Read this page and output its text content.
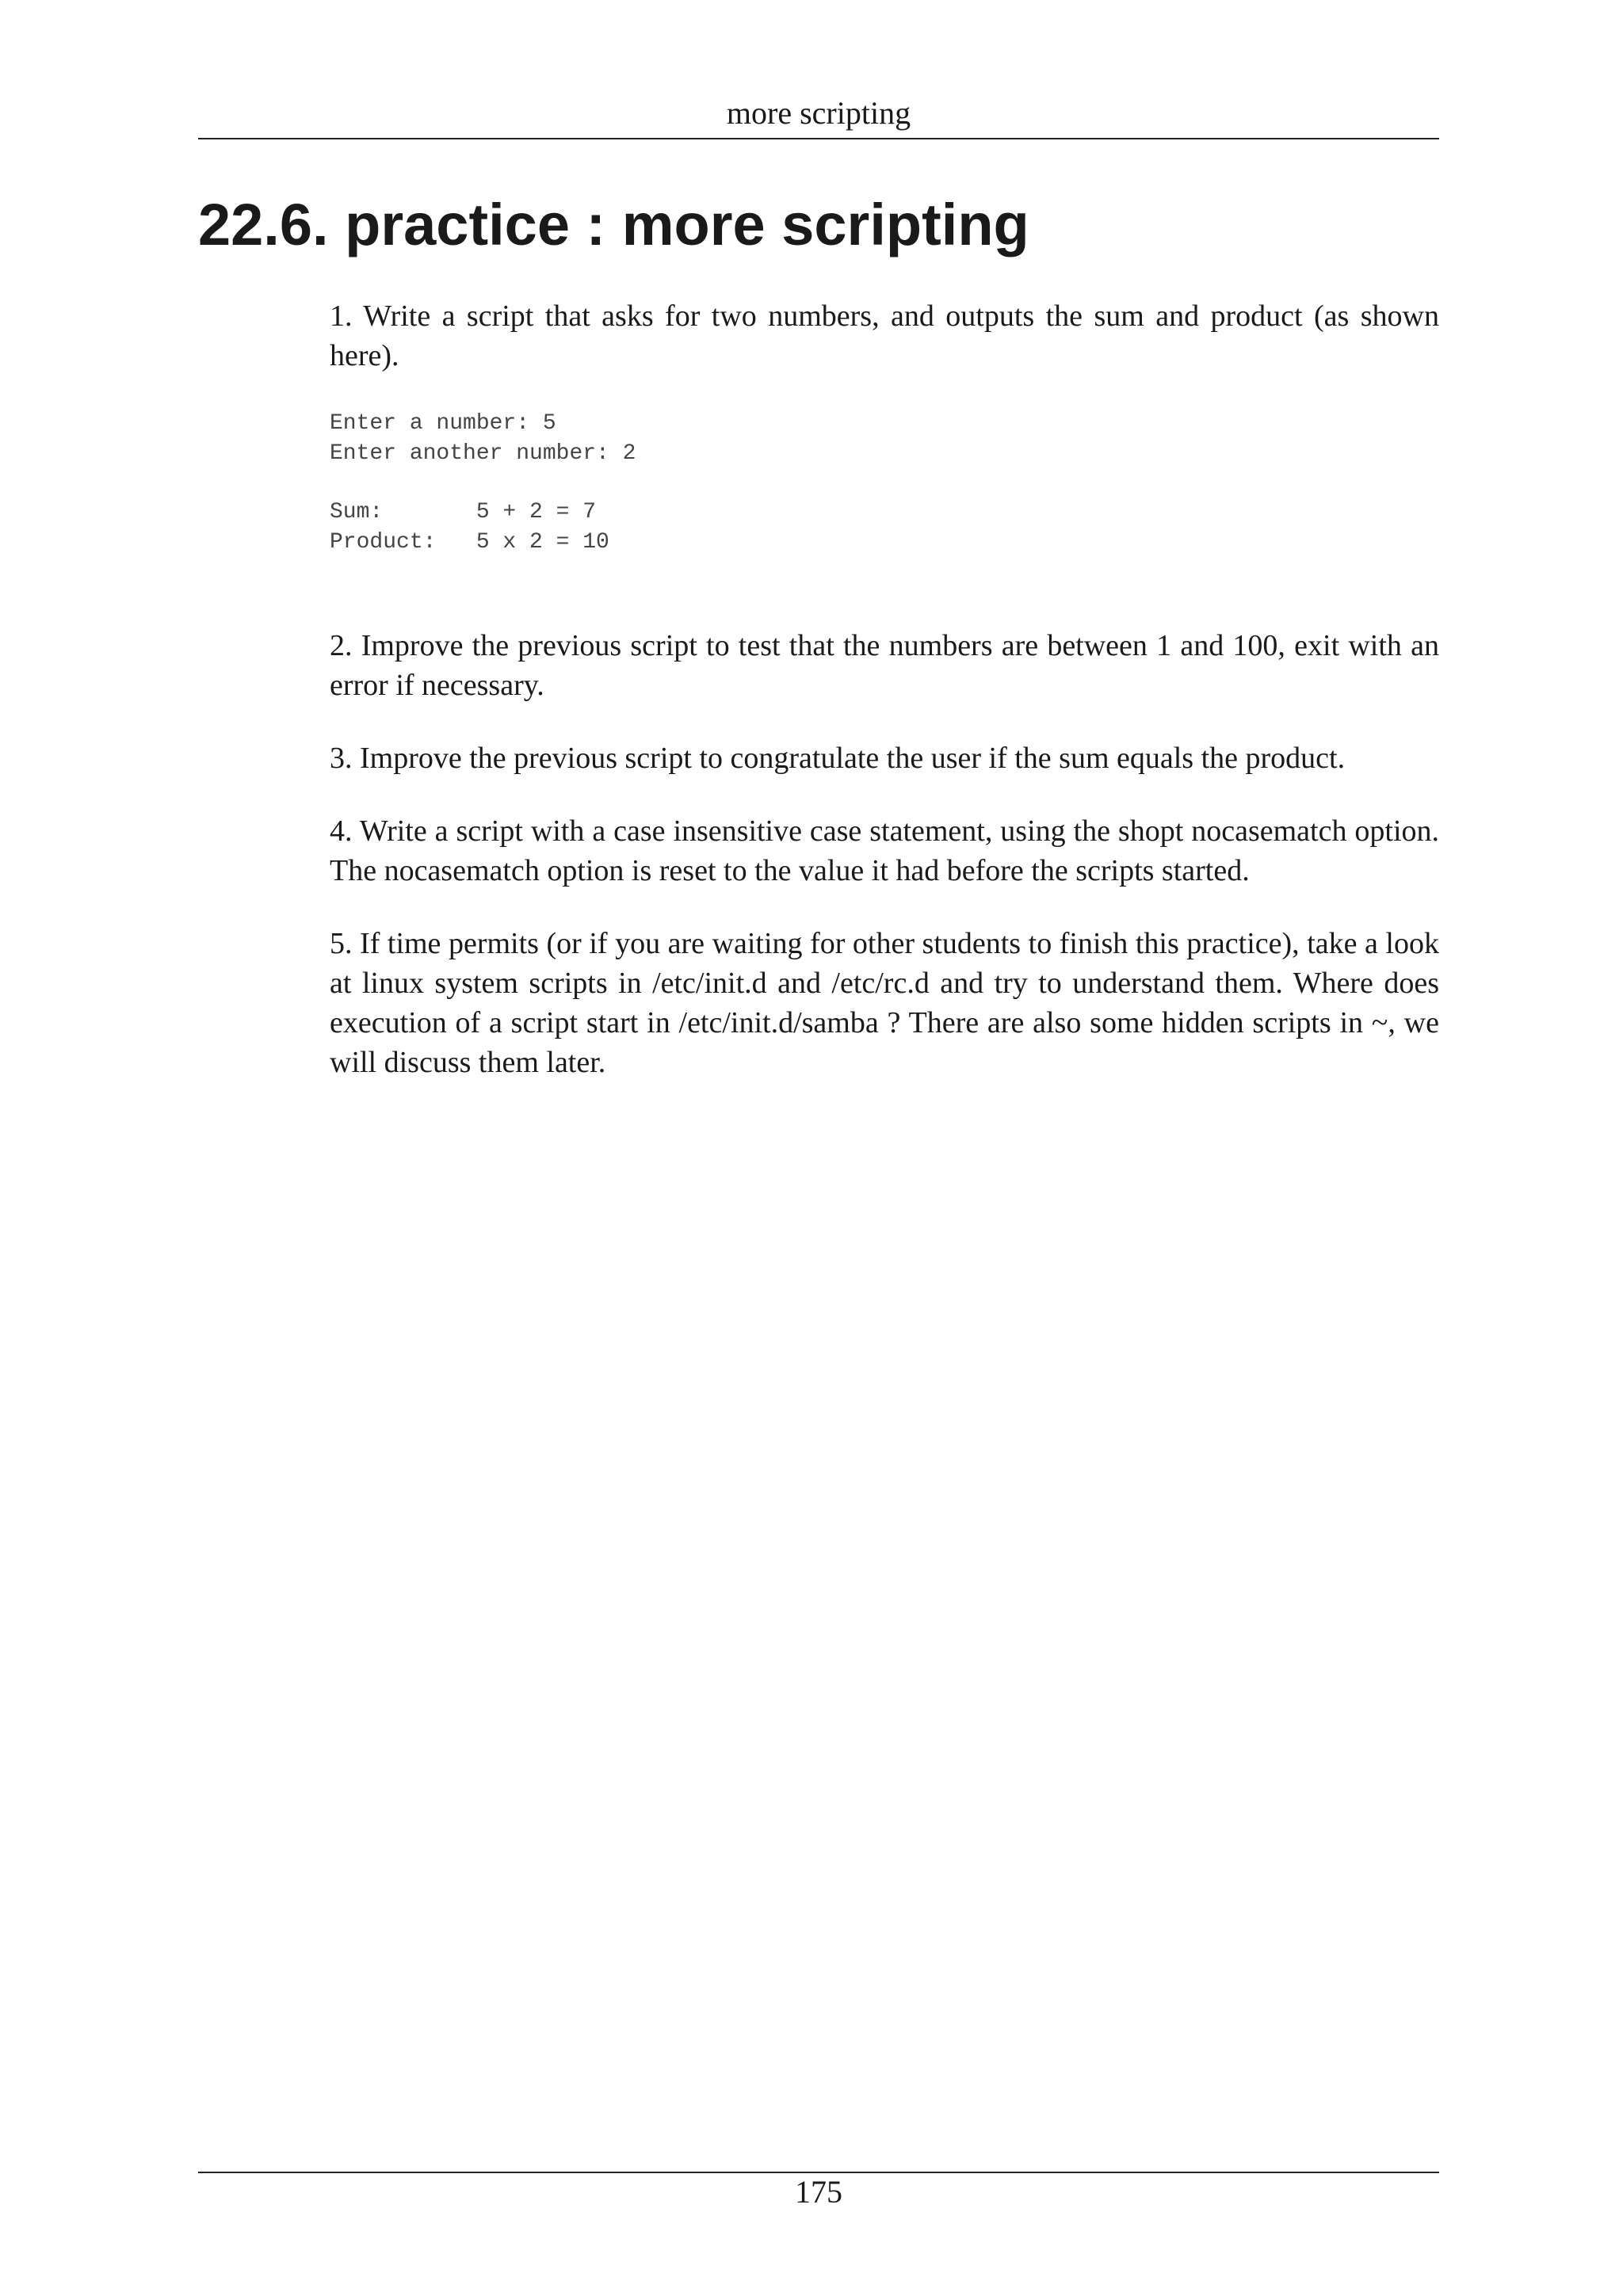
more scripting
22.6. practice : more scripting

1. Write a script that asks for two numbers, and outputs the sum and product (as shown here).

Enter a number: 5
Enter another number: 2
Sum:       5 + 2 = 7
Product:   5 x 2 = 10

2. Improve the previous script to test that the numbers are between 1 and 100, exit with an error if necessary.

3. Improve the previous script to congratulate the user if the sum equals the product.

4. Write a script with a case insensitive case statement, using the shopt nocasematch option. The nocasematch option is reset to the value it had before the scripts started.

5. If time permits (or if you are waiting for other students to finish this practice), take a look at linux system scripts in /etc/init.d and /etc/rc.d and try to understand them. Where does execution of a script start in /etc/init.d/samba ? There are also some hidden scripts in ~, we will discuss them later.

175
